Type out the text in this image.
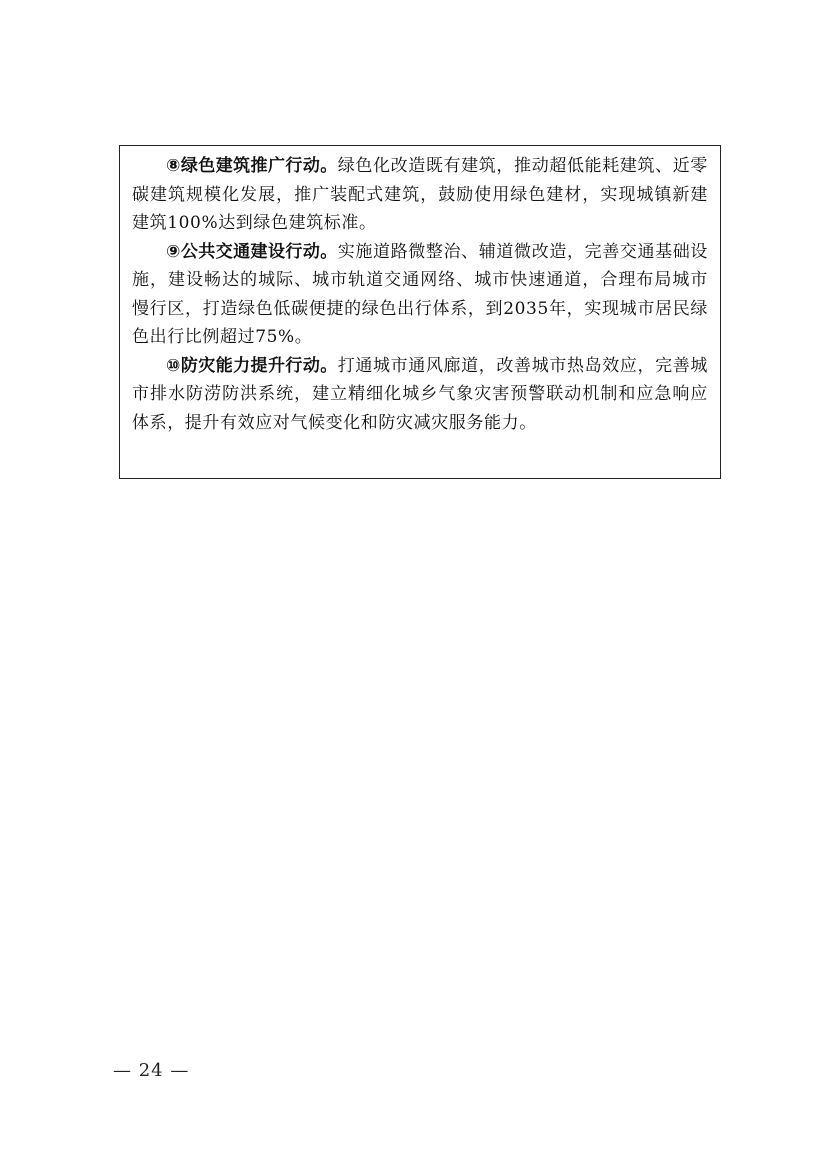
⑧绿色建筑推广行动。绿色化改造既有建筑，推动超低能耗建筑、近零碳建筑规模化发展，推广装配式建筑，鼓励使用绿色建材，实现城镇新建建筑100%达到绿色建筑标准。

⑨公共交通建设行动。实施道路微整治、辅道微改造，完善交通基础设施，建设畅达的城际、城市轨道交通网络、城市快速通道，合理布局城市慢行区，打造绿色低碳便捷的绿色出行体系，到2035年，实现城市居民绿色出行比例超过75%。

⑩防灾能力提升行动。打通城市通风廊道，改善城市热岛效应，完善城市排水防涝防洪系统，建立精细化城乡气象灾害预警联动机制和应急响应体系，提升有效应对气候变化和防灾减灾服务能力。

— 24 —
